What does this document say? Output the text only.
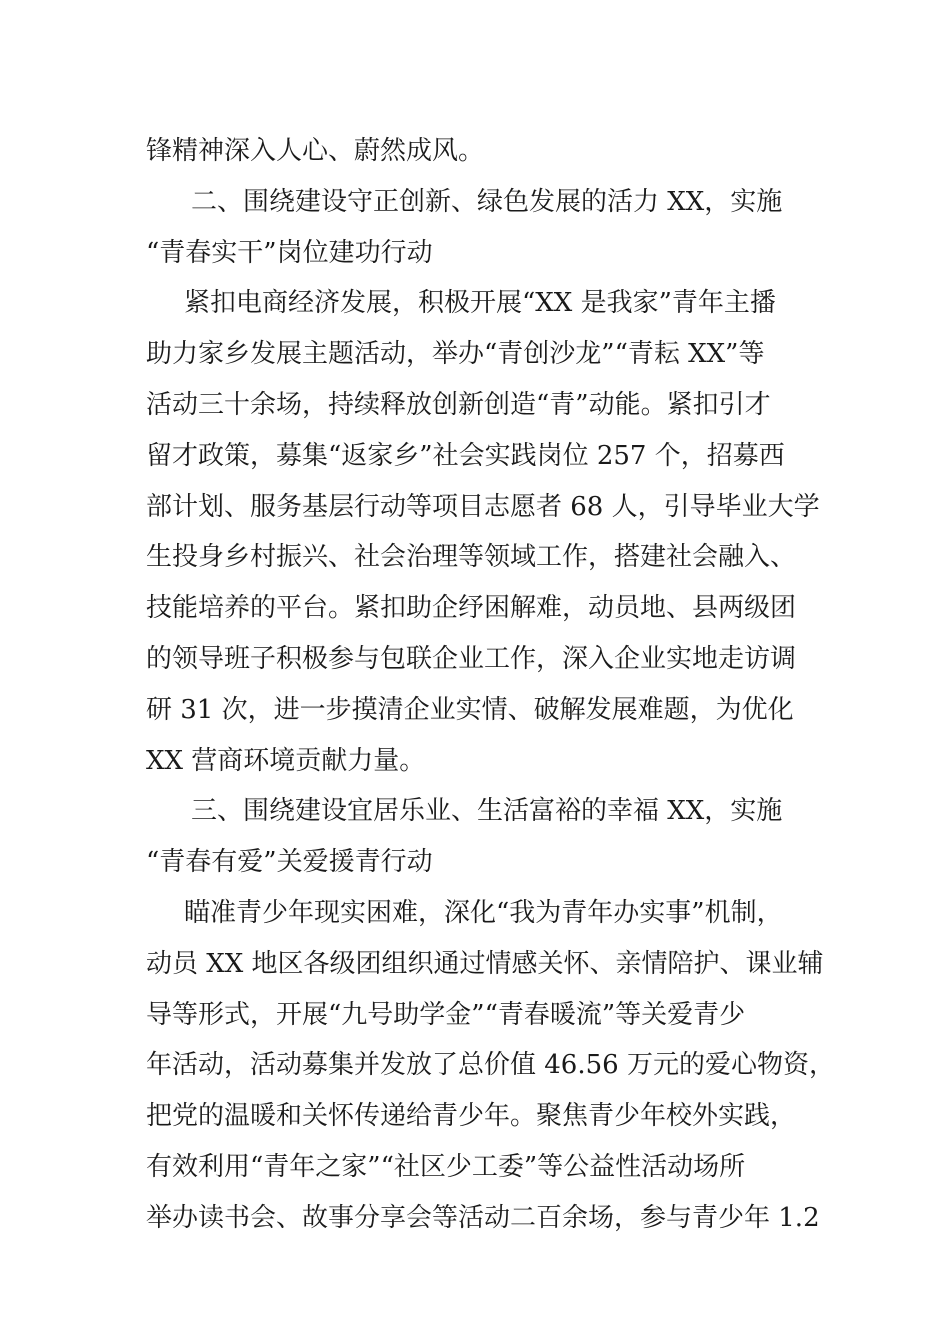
锋精神深入人心、蔚然成风。
二、围绕建设守正创新、绿色发展的活力 XX，实施
“青春实干”岗位建功行动
紧扣电商经济发展，积极开展“XX 是我家”青年主播
助力家乡发展主题活动，举办“青创沙龙”“青耘 XX”等
活动三十余场，持续释放创新创造“青”动能。紧扣引才
留才政策，募集“返家乡”社会实践岗位 257 个，招募西
部计划、服务基层行动等项目志愿者 68 人，引导毕业大学
生投身乡村振兴、社会治理等领域工作，搭建社会融入、
技能培养的平台。紧扣助企纾困解难，动员地、县两级团
的领导班子积极参与包联企业工作，深入企业实地走访调
研 31 次，进一步摸清企业实情、破解发展难题，为优化
XX 营商环境贡献力量。
三、围绕建设宜居乐业、生活富裕的幸福 XX，实施
“青春有爱”关爱援青行动
瞄准青少年现实困难，深化“我为青年办实事”机制，
动员 XX 地区各级团组织通过情感关怀、亲情陪护、课业辅
导等形式，开展“九号助学金”“青春暖流”等关爱青少
年活动，活动募集并发放了总价值 46.56 万元的爱心物资，
把党的温暖和关怀传递给青少年。聚焦青少年校外实践，
有效利用“青年之家”“社区少工委”等公益性活动场所
举办读书会、故事分享会等活动二百余场，参与青少年 1.2
